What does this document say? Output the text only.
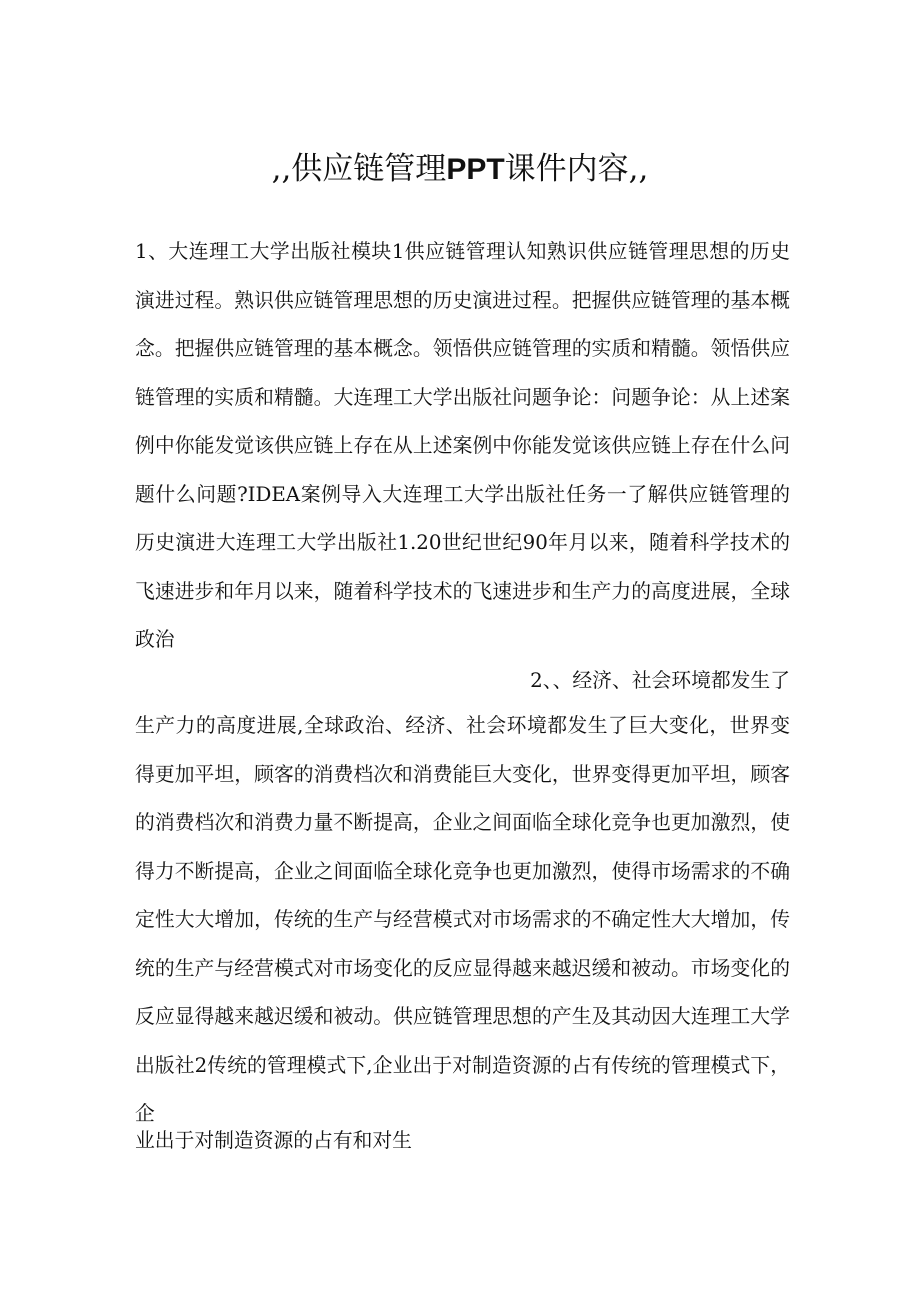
,,供应链管理PPT课件内容,,

1、大连理工大学出版社模块1供应链管理认知熟识供应链管理思想的历史演进过程。熟识供应链管理思想的历史演进过程。把握供应链管理的基本概念。把握供应链管理的基本概念。领悟供应链管理的实质和精髓。领悟供应链管理的实质和精髓。大连理工大学出版社问题争论：问题争论：从上述案例中你能发觉该供应链上存在从上述案例中你能发觉该供应链上存在什么问题什么问题?IDEA案例导入大连理工大学出版社任务一了解供应链管理的历史演进大连理工大学出版社1.20世纪世纪90年月以来，随着科学技术的飞速进步和年月以来，随着科学技术的飞速进步和生产力的高度进展，全球政治

2、、经济、社会环境都发生了

生产力的高度进展,全球政治、经济、社会环境都发生了巨大变化，世界变得更加平坦，顾客的消费档次和消费能巨大变化，世界变得更加平坦，顾客的消费档次和消费力量不断提高，企业之间面临全球化竞争也更加激烈，使得力不断提高，企业之间面临全球化竞争也更加激烈，使得市场需求的不确定性大大增加，传统的生产与经营模式对市场需求的不确定性大大增加，传统的生产与经营模式对市场变化的反应显得越来越迟缓和被动。市场变化的反应显得越来越迟缓和被动。供应链管理思想的产生及其动因大连理工大学出版社2传统的管理模式下,企业出于对制造资源的占有传统的管理模式下，企

业出于对制造资源的占有和对生
